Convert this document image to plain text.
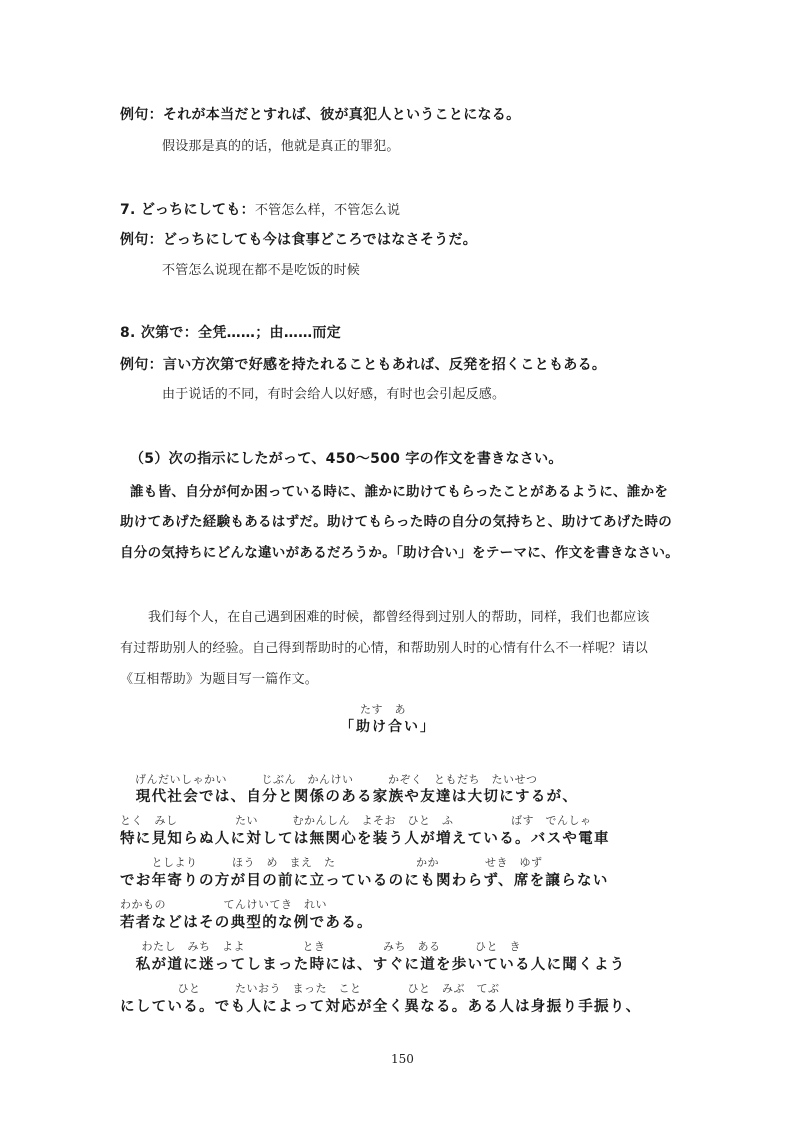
例句：それが本当だとすれば、彼が真犯人ということになる。
假设那是真的的话，他就是真正的罪犯。
7. どっちにしても：不管怎么样，不管怎么说
例句：どっちにしても今は食事どころではなさそうだ。
不管怎么说现在都不是吃饭的时候
8. 次第で：全凭……；由……而定
例句：言い方次第で好感を持たれることもあれば、反発を招くこともある。
由于说话的不同，有时会给人以好感，有时也会引起反感。
（5）次の指示にしたがって、450～500 字の作文を書きなさい。
誰も皆、自分が何か困っている時に、誰かに助けてもらったことがあるように、誰かを
助けてあげた経験もあるはずだ。助けてもらった時の自分の気持ちと、助けてあげた時の
自分の気持ちにどんな違いがあるだろうか。「助け合い」をテーマに、作文を書きなさい。
我们每个人，在自己遇到困难的时候，都曾经得到过别人的帮助，同样，我们也都应该
有过帮助别人的经验。自己得到帮助时的心情，和帮助别人时的心情有什么不一样呢？请以
《互相帮助》为题目写一篇作文。
たす　あ
「助け合い」
げんだいしゃかい　　　じぶん　かんけい　　　かぞく　ともだち　たいせつ
　現代社会では、自分と関係のある家族や友達は大切にするが、
とく　みし　　　　　たい　　　むかんしん　よそお　ひと　ふ　　　　　ばす　でんしゃ
特に見知らぬ人に対しては無関心を装う人が増えている。バスや電車
　としより　　　ほう　め　まえ　た　　　　　　　かか　　　　せき　ゆず
でお年寄りの方が目の前に立っているのにも関わらず、席を譲らない
わかもの　　　　　てんけいてき　れい
若者などはその典型的な例である。
　わたし　みち　よよ　　　　　とき　　　　　みち　ある　　　ひと　き
　私が道に迷ってしまった時には、すぐに道を歩いている人に聞くよう
　　　　　ひと　　　たいおう　まった　こと　　　　ひと　みぶ　てぶ
にしている。でも人によって対応が全く異なる。ある人は身振り手振り、
150
